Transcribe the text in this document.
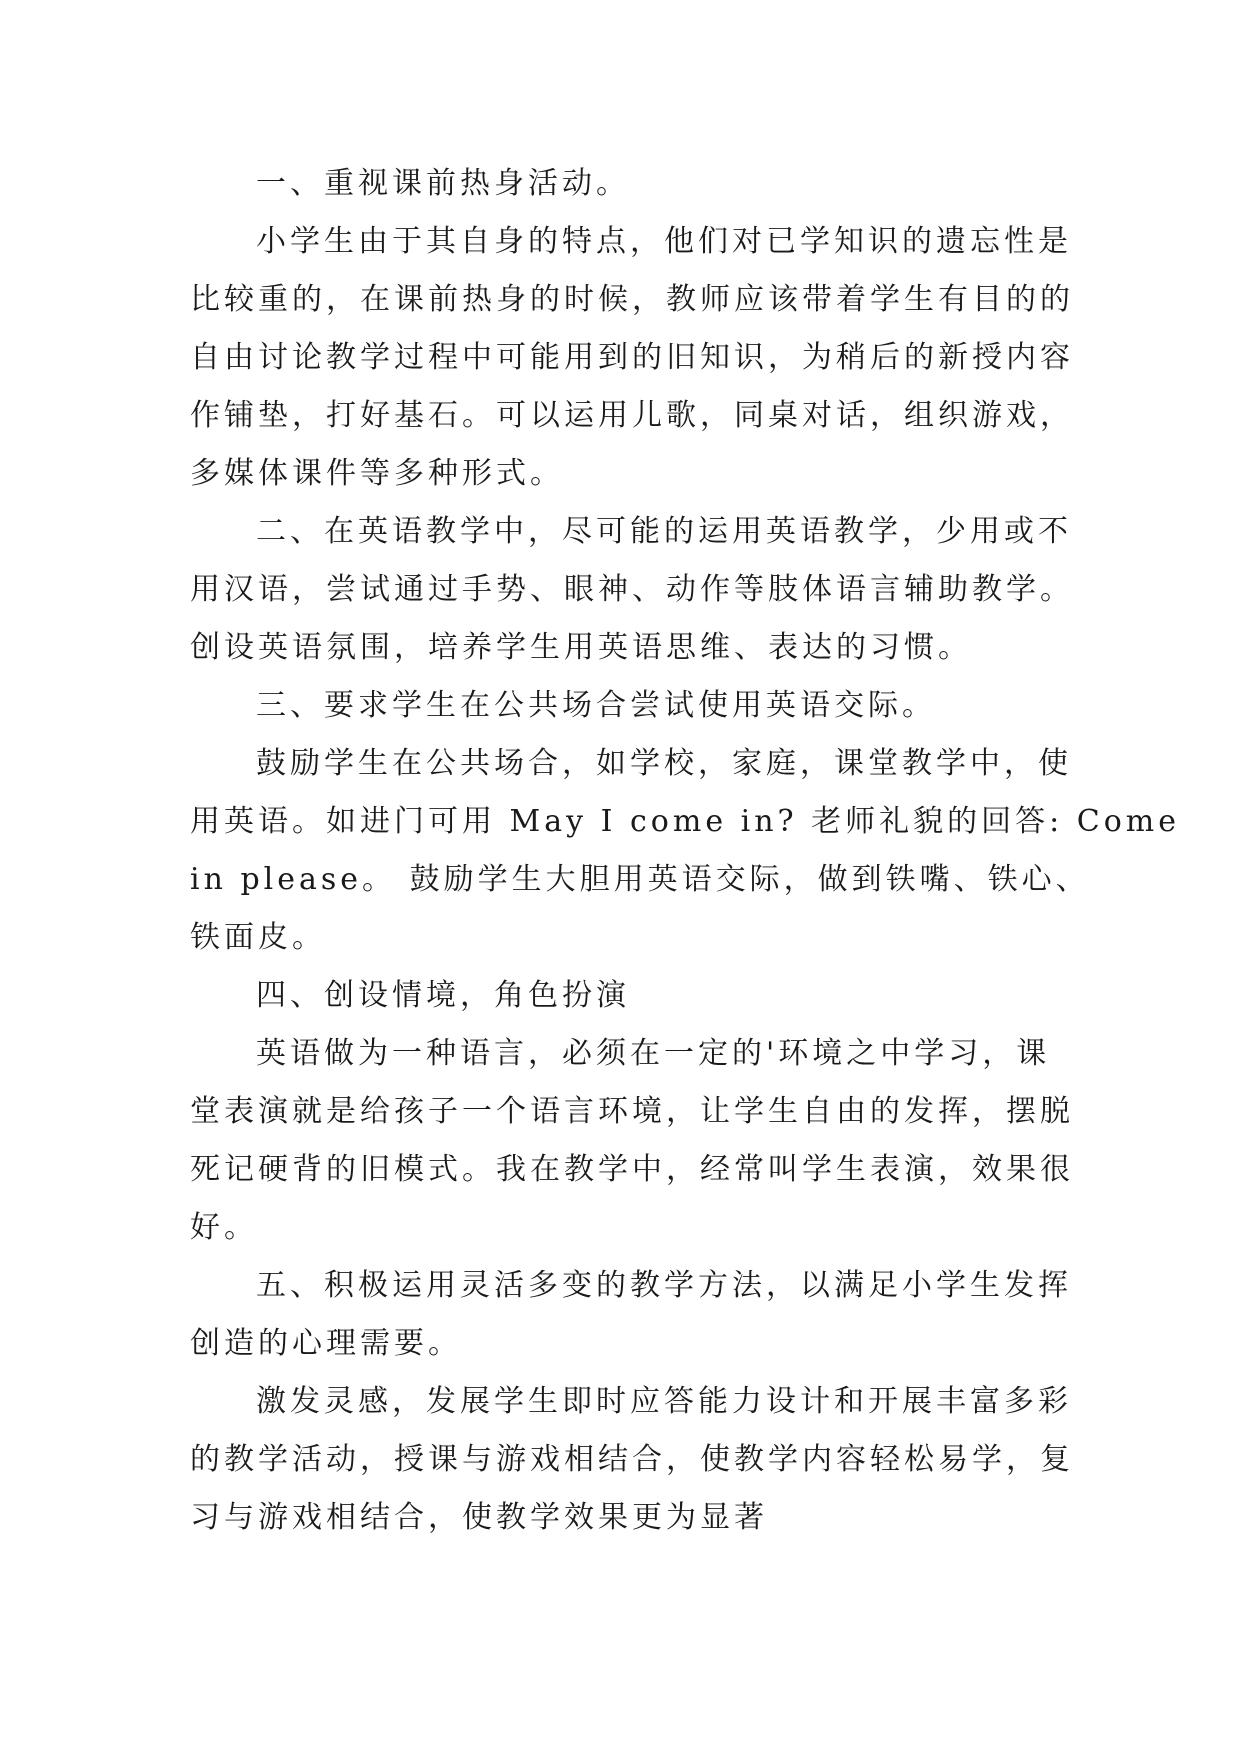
一、重视课前热身活动。

小学生由于其自身的特点，他们对已学知识的遗忘性是
比较重的，在课前热身的时候，教师应该带着学生有目的的
自由讨论教学过程中可能用到的旧知识，为稍后的新授内容
作铺垫，打好基石。可以运用儿歌，同桌对话，组织游戏，
多媒体课件等多种形式。

二、在英语教学中，尽可能的运用英语教学，少用或不
用汉语，尝试通过手势、眼神、动作等肢体语言辅助教学。
创设英语氛围，培养学生用英语思维、表达的习惯。

三、要求学生在公共场合尝试使用英语交际。

鼓励学生在公共场合，如学校，家庭，课堂教学中，使
用英语。如进门可用 May I come in? 老师礼貌的回答: Come
in please。 鼓励学生大胆用英语交际，做到铁嘴、铁心、
铁面皮。

四、创设情境，角色扮演

英语做为一种语言，必须在一定的'环境之中学习，课
堂表演就是给孩子一个语言环境，让学生自由的发挥，摆脱
死记硬背的旧模式。我在教学中，经常叫学生表演，效果很
好。

五、积极运用灵活多变的教学方法，以满足小学生发挥
创造的心理需要。

激发灵感，发展学生即时应答能力设计和开展丰富多彩
的教学活动，授课与游戏相结合，使教学内容轻松易学，复
习与游戏相结合，使教学效果更为显著
